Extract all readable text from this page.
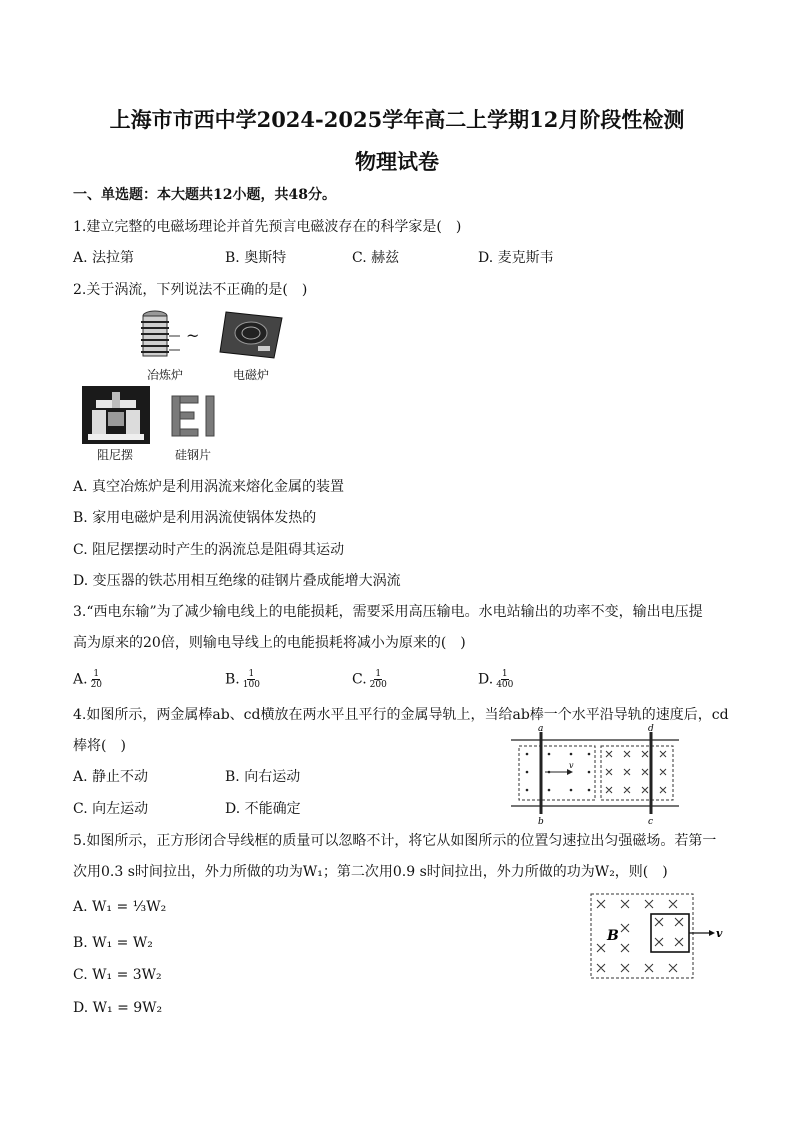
上海市市西中学2024-2025学年高二上学期12月阶段性检测
物理试卷
一、单选题：本大题共12小题，共48分。
1.建立完整的电磁场理论并首先预言电磁波存在的科学家是(　)
A. 法拉第	B. 奥斯特	C. 赫兹	D. 麦克斯韦
2.关于涡流，下列说法不正确的是(　)
~
冶炼炉	电磁炉
阻尼摆	硅钢片
A. 真空冶炼炉是利用涡流来熔化金属的装置
B. 家用电磁炉是利用涡流使锅体发热的
C. 阻尼摆摆动时产生的涡流总是阻碍其运动
D. 变压器的铁芯用相互绝缘的硅钢片叠成能增大涡流
3.“西电东输”为了减少输电线上的电能损耗，需要采用高压输电。水电站输出的功率不变，输出电压提
高为原来的20倍，则输电导线上的电能损耗将减小为原来的(　)
A. $\frac{1}{20}$	B. $\frac{1}{100}$	C. $\frac{1}{200}$	D. $\frac{1}{400}$
4.如图所示，两金属棒ab、cd横放在两水平且平行的金属导轨上，当给ab棒一个水平沿导轨的速度后，cd
棒将(　)
A. 静止不动	B. 向右运动
C. 向左运动	D. 不能确定
a
b
d
c
v
5.如图所示，正方形闭合导线框的质量可以忽略不计，将它从如图所示的位置匀速拉出匀强磁场。若第一
次用0.3 s时间拉出，外力所做的功为W₁；第二次用0.9 s时间拉出，外力所做的功为W₂，则(　)
A. W₁ = ⅓W₂
B. W₁ = W₂
C. W₁ = 3W₂
D. W₁ = 9W₂
B	v
